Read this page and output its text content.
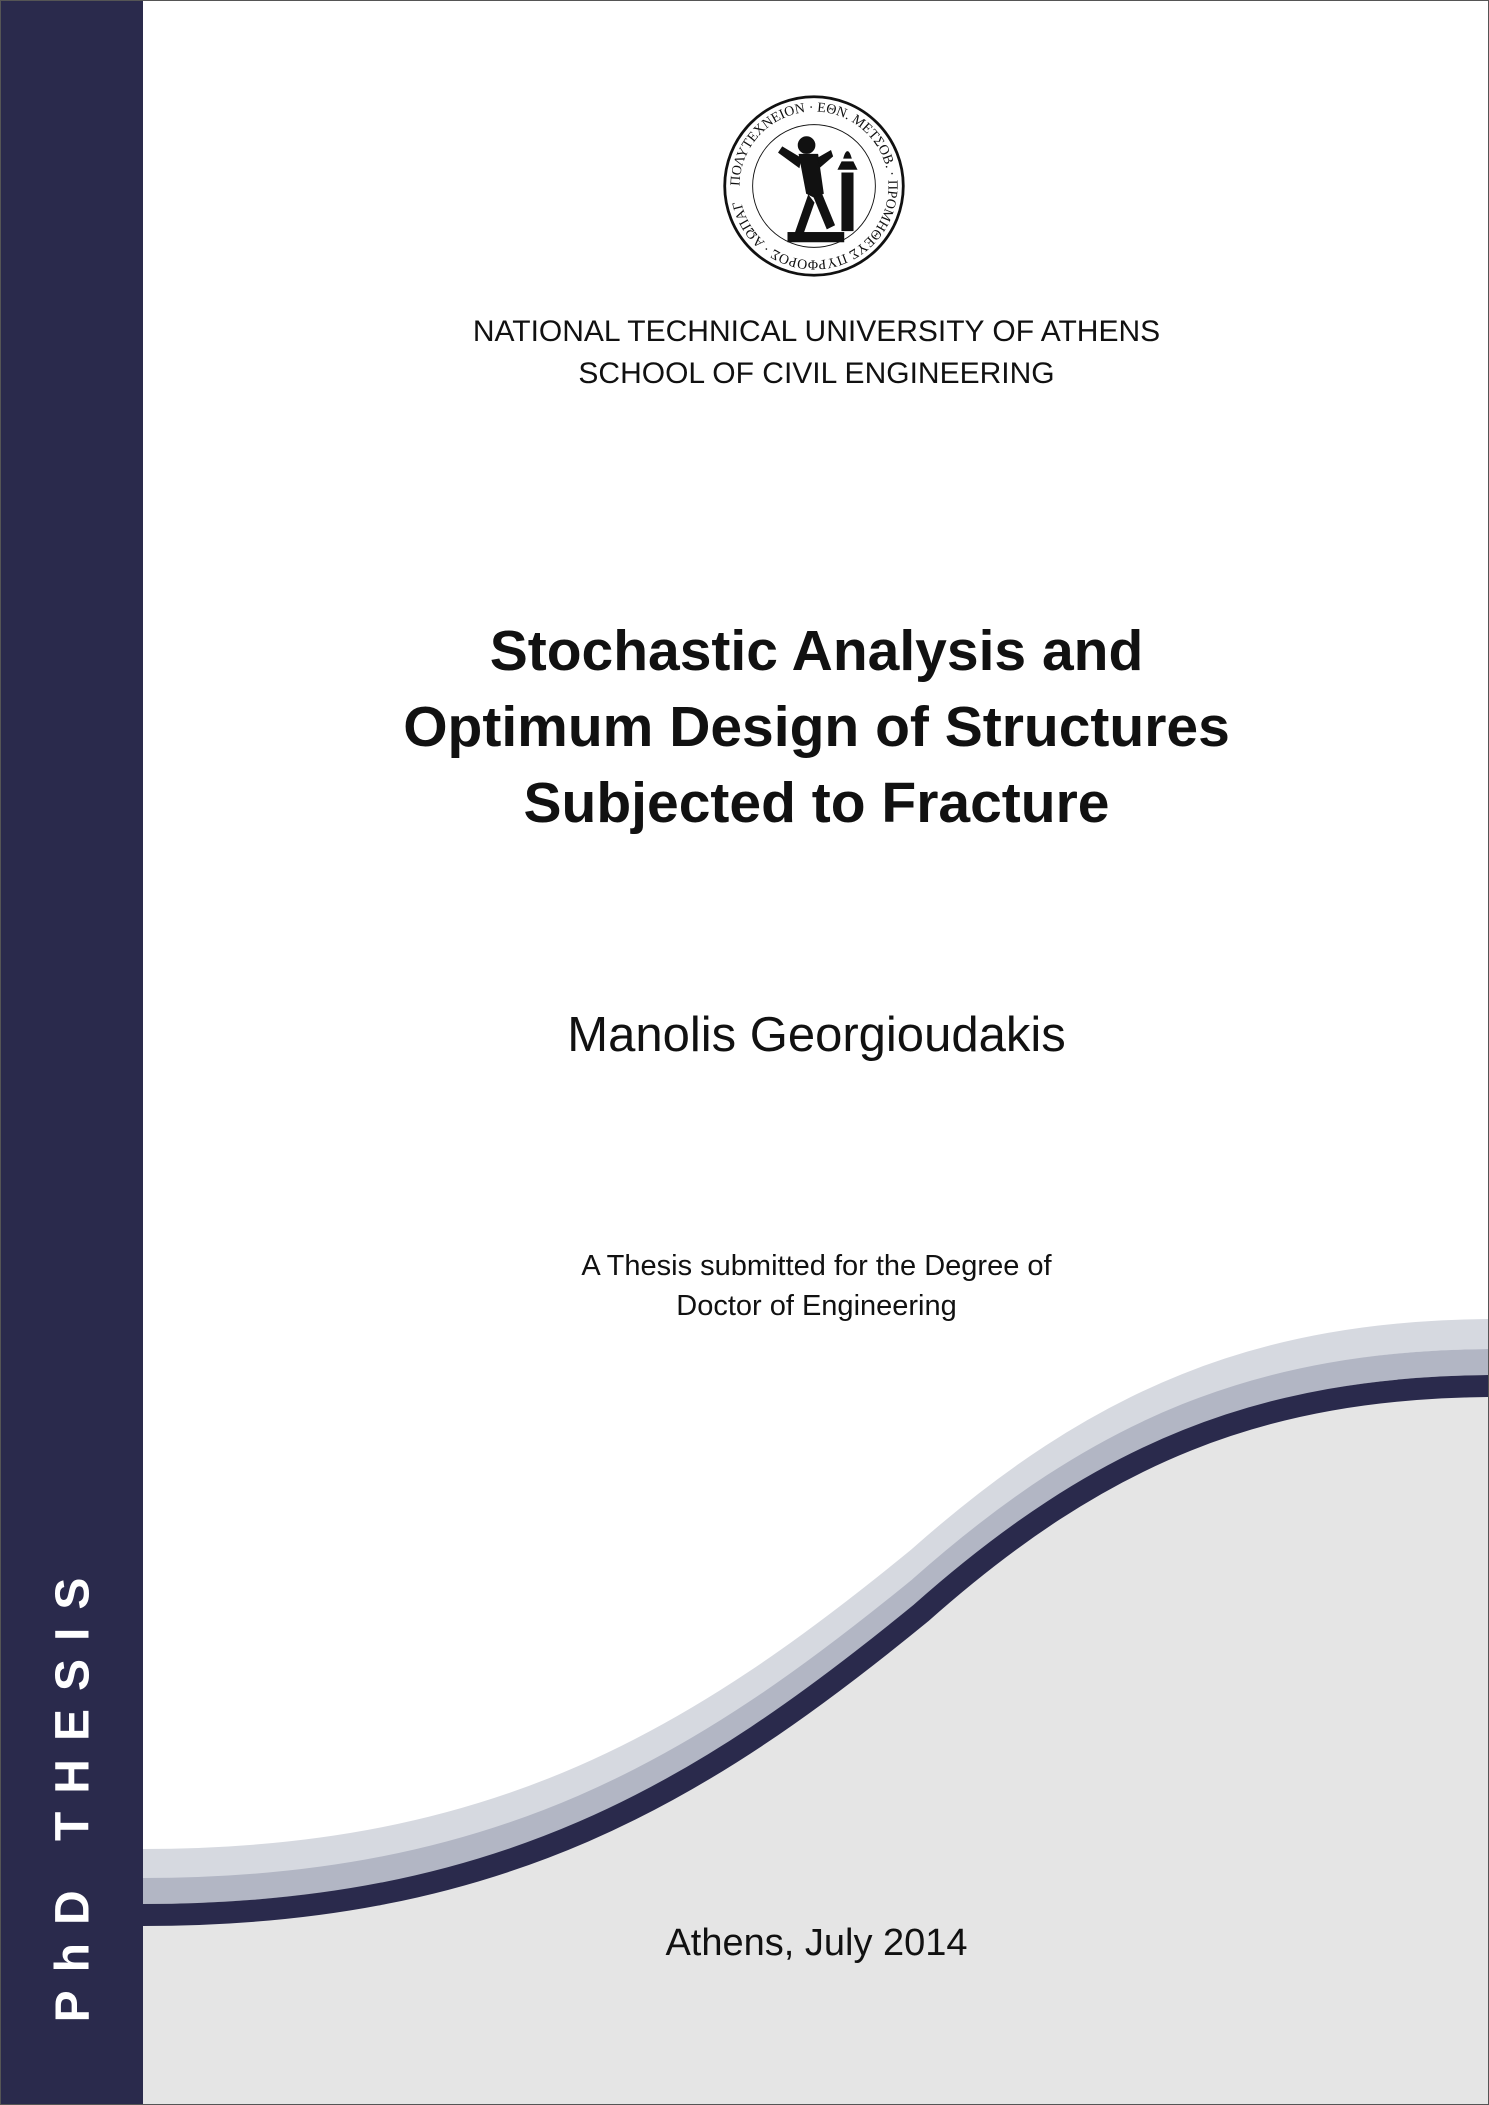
PhD THESIS
ΠΟΛΥΤΕΧΝΕΙΟΝ · ΕΘΝ. ΜΕΤΣΟΒ. · ΠΡΟΜΗΘΕΥΣ ΠΥΡΦΟΡΟΣ · ΑΩΠΑΓ
NATIONAL TECHNICAL UNIVERSITY OF ATHENS
SCHOOL OF CIVIL ENGINEERING
Stochastic Analysis and
Optimum Design of Structures
Subjected to Fracture
Manolis Georgioudakis
A Thesis submitted for the Degree of
Doctor of Engineering
Athens, July 2014
